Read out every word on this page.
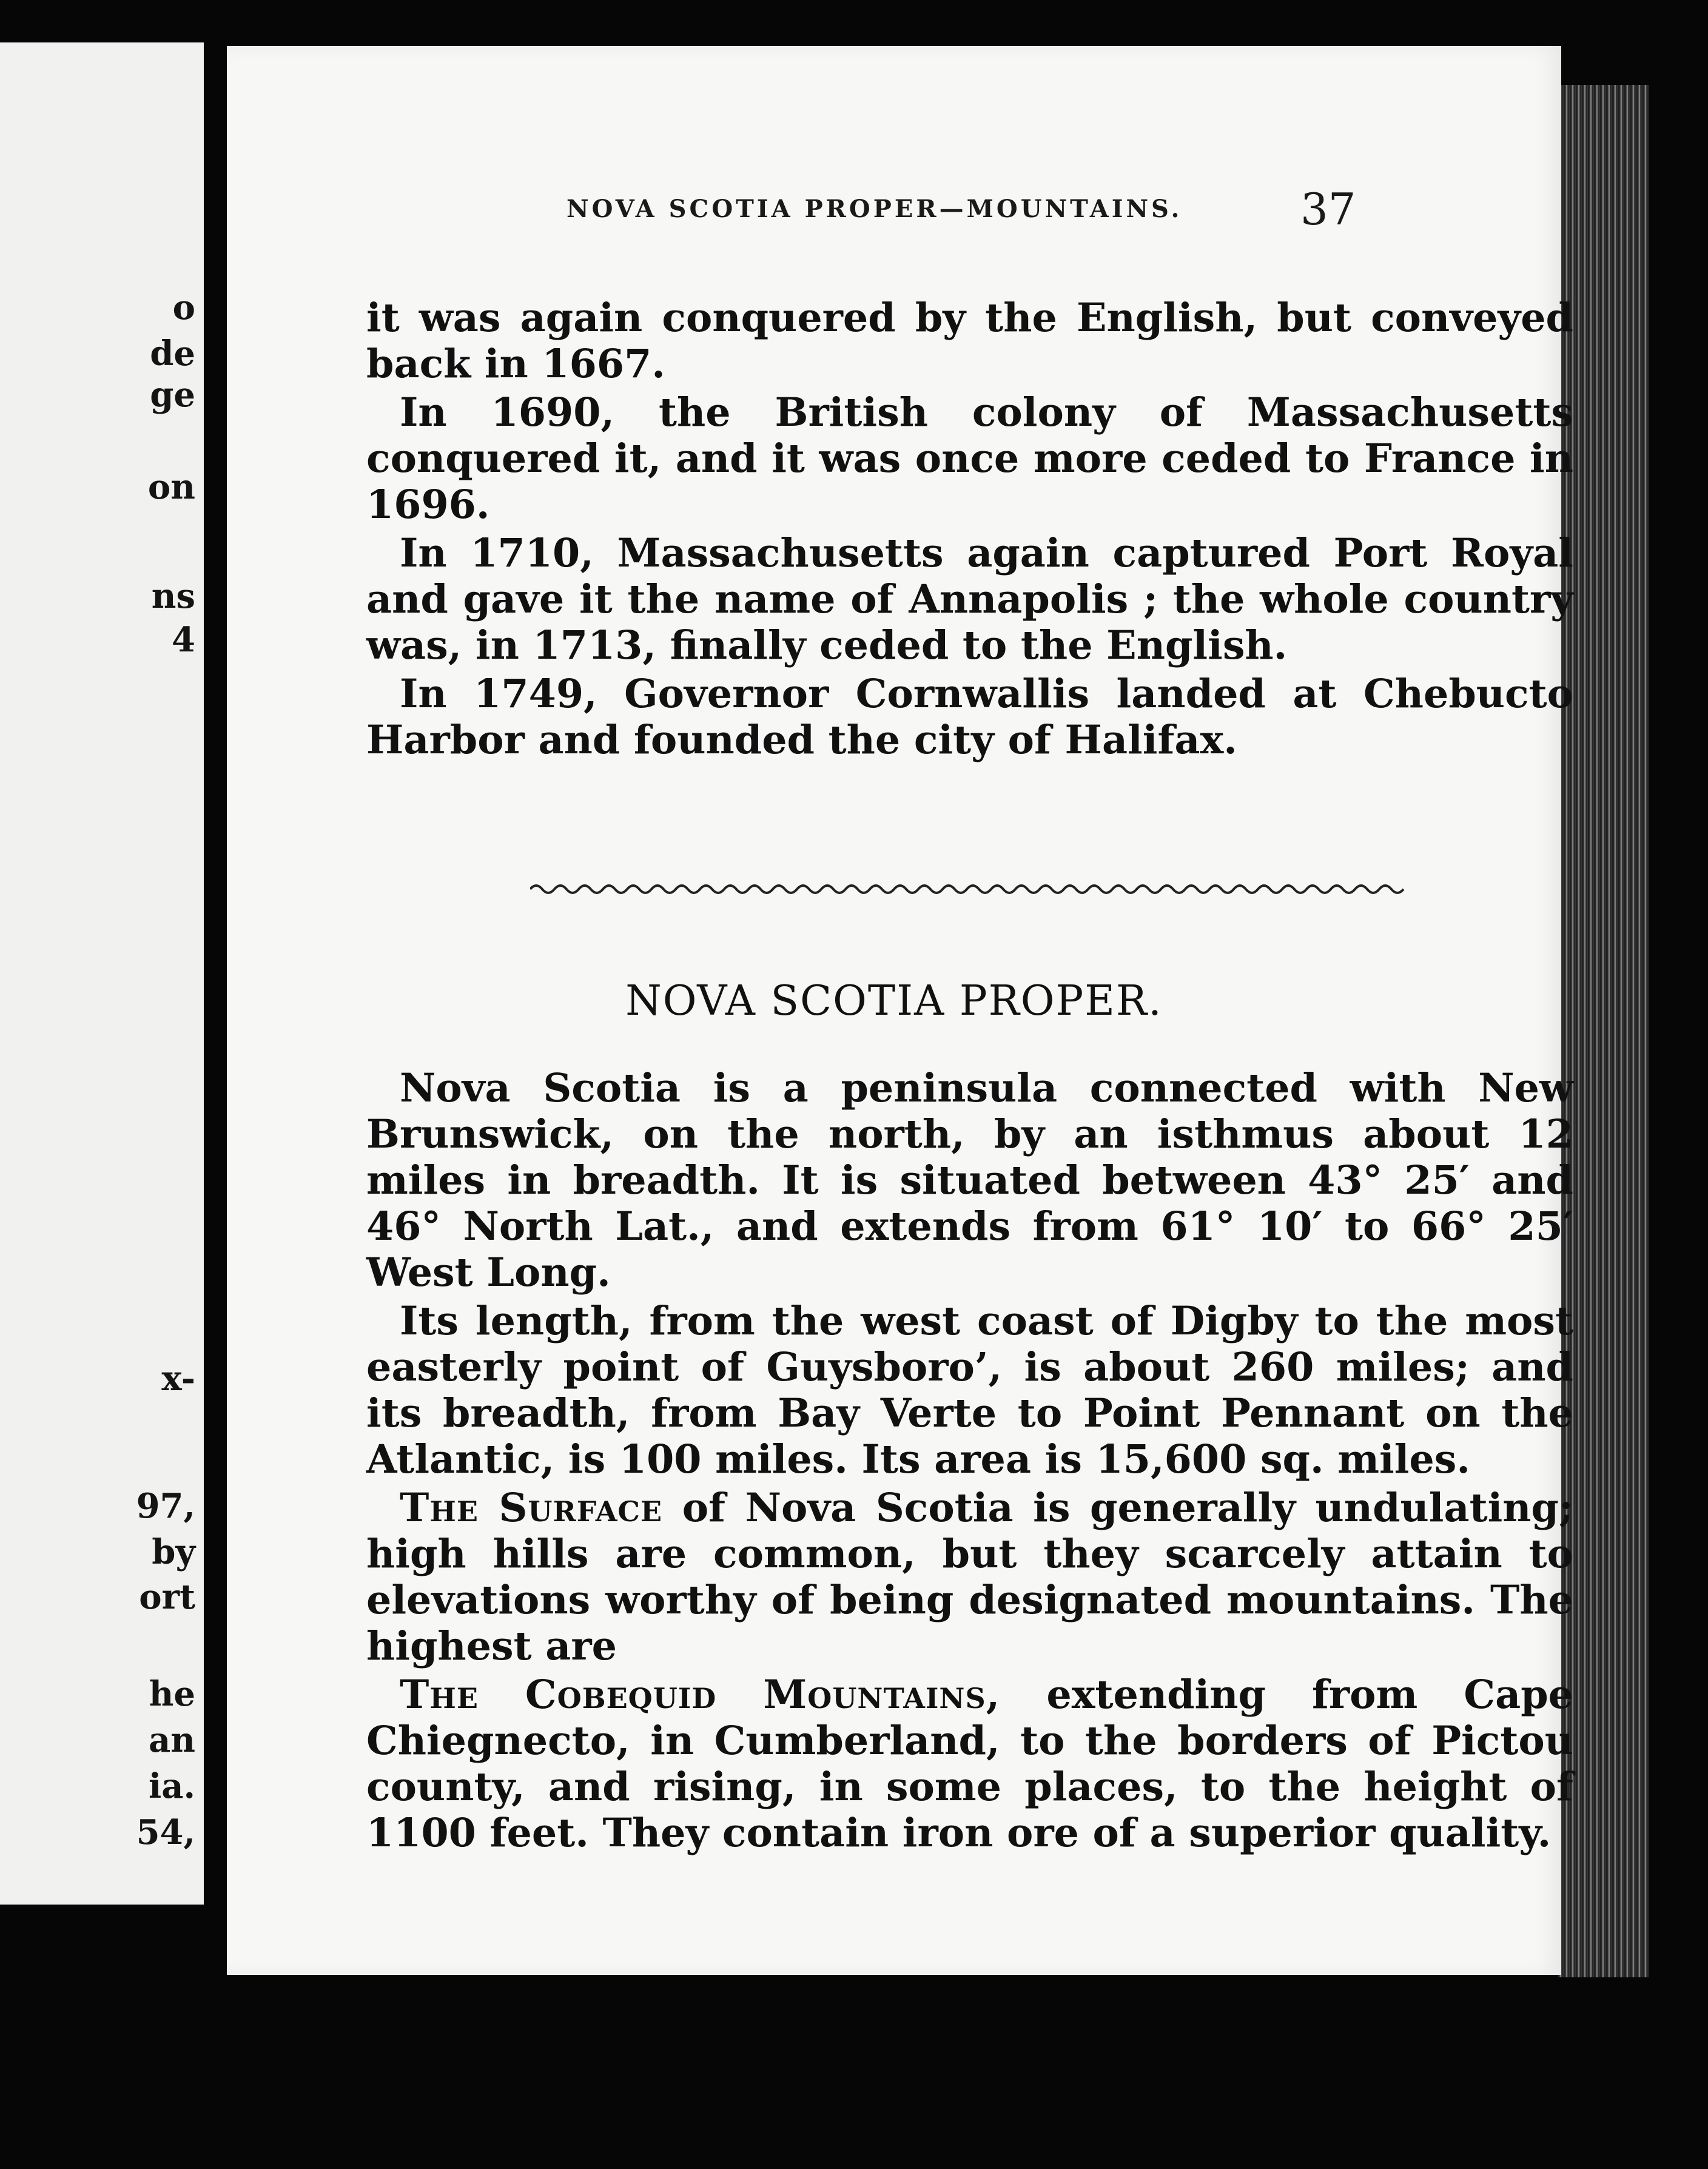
o
de
ge
on
ns
4
x-
97,
by
ort
he
an
ia.
54,
NOVA SCOTIA PROPER—MOUNTAINS.	37

it was again conquered by the English, but conveyed back in 1667.

In 1690, the British colony of Massachusetts conquered it, and it was once more ceded to France in 1696.

In 1710, Massachusetts again captured Port Royal and gave it the name of Annapolis ; the whole country was, in 1713, finally ceded to the English.

In 1749, Governor Cornwallis landed at Chebucto Harbor and founded the city of Halifax.

NOVA SCOTIA PROPER.

Nova Scotia is a peninsula connected with New Brunswick, on the north, by an isthmus about 12 miles in breadth. It is situated between 43° 25′ and 46° North Lat., and extends from 61° 10′ to 66° 25′ West Long.

Its length, from the west coast of Digby to the most easterly point of Guysboro’, is about 260 miles; and its breadth, from Bay Verte to Point Pennant on the Atlantic, is 100 miles. Its area is 15,600 sq. miles.

The Surface of Nova Scotia is generally undulating; high hills are common, but they scarcely attain to elevations worthy of being designated mountains. The highest are

The Cobequid Mountains, extending from Cape Chiegnecto, in Cumberland, to the borders of Pictou county, and rising, in some places, to the height of 1100 feet. They contain iron ore of a superior quality.
